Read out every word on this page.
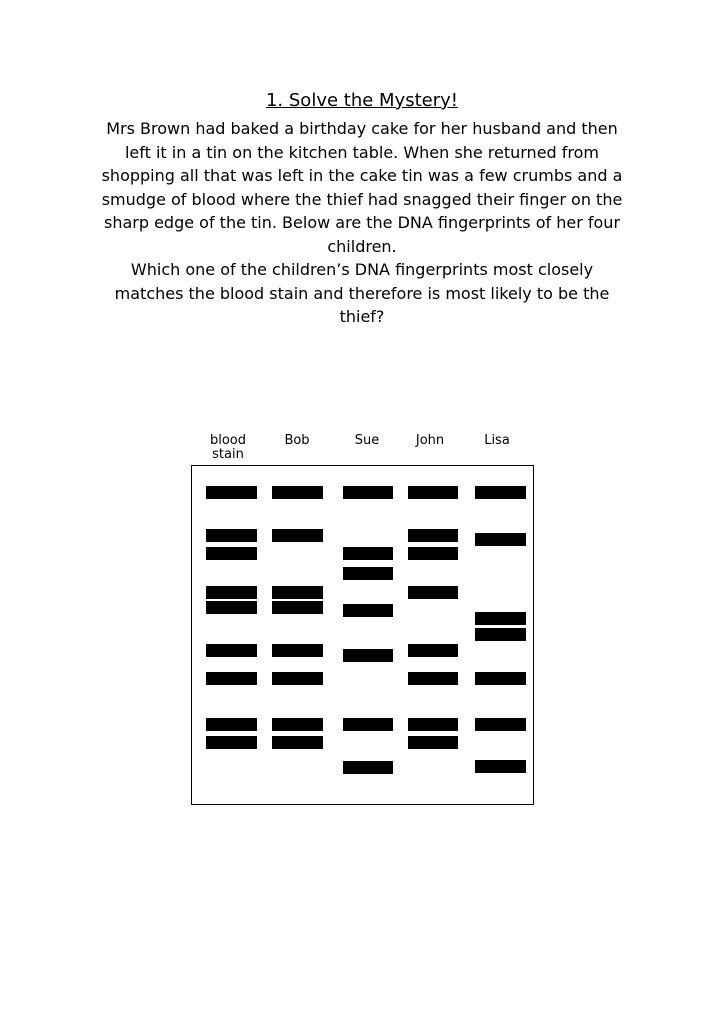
1. Solve the Mystery!

Mrs Brown had baked a birthday cake for her husband and then left it in a tin on the kitchen table. When she returned from shopping all that was left in the cake tin was a few crumbs and a smudge of blood where the thief had snagged their finger on the sharp edge of the tin. Below are the DNA fingerprints of her four children.

Which one of the children’s DNA fingerprints most closely matches the blood stain and therefore is most likely to be the thief?

blood stain
Bob	Sue	John	Lisa
